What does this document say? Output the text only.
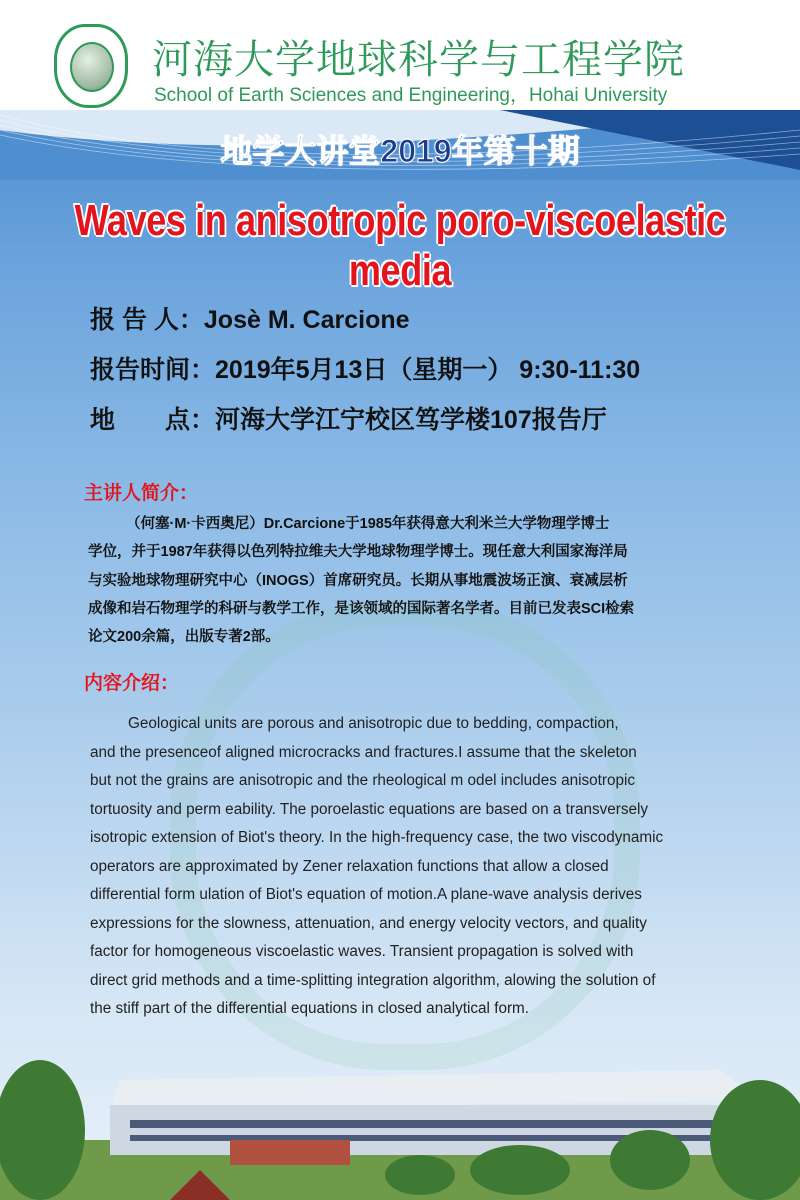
河海大学地球科学与工程学院
School of Earth Sciences and Engineering，Hohai University
地学大讲堂2019年第十期
Waves in anisotropic poro-viscoelastic media
报 告 人：Josѐ M. Carcione
报告时间：2019年5月13日（星期一） 9:30-11:30
地　　点：河海大学江宁校区笃学楼107报告厅
主讲人简介：
（何塞·M·卡西奥尼）Dr.Carcione于1985年获得意大利米兰大学物理学博士
学位，并于1987年获得以色列特拉维夫大学地球物理学博士。现任意大利国家海洋局
与实验地球物理研究中心（INOGS）首席研究员。长期从事地震波场正演、衰减层析
成像和岩石物理学的科研与教学工作，是该领域的国际著名学者。目前已发表SCI检索
论文200余篇，出版专著2部。
内容介绍：
Geological units are porous and anisotropic due to bedding, compaction,
and the presenceof aligned microcracks and fractures.I assume that the skeleton
but not the grains are anisotropic and the rheological m odel includes anisotropic
tortuosity and perm eability. The poroelastic equations are based on a transversely
isotropic extension of Biot's theory. In the high-frequency case, the two viscodynamic
operators are approximated by Zener relaxation functions that allow a closed
differential form ulation of Biot's equation of motion.A plane-wave analysis derives
expressions for the slowness, attenuation, and energy velocity vectors, and quality
factor for homogeneous viscoelastic waves. Transient propagation is solved with
direct grid methods and a time-splitting integration algorithm, alowing the solution of
the stiff part of the differential equations in closed analytical form.
